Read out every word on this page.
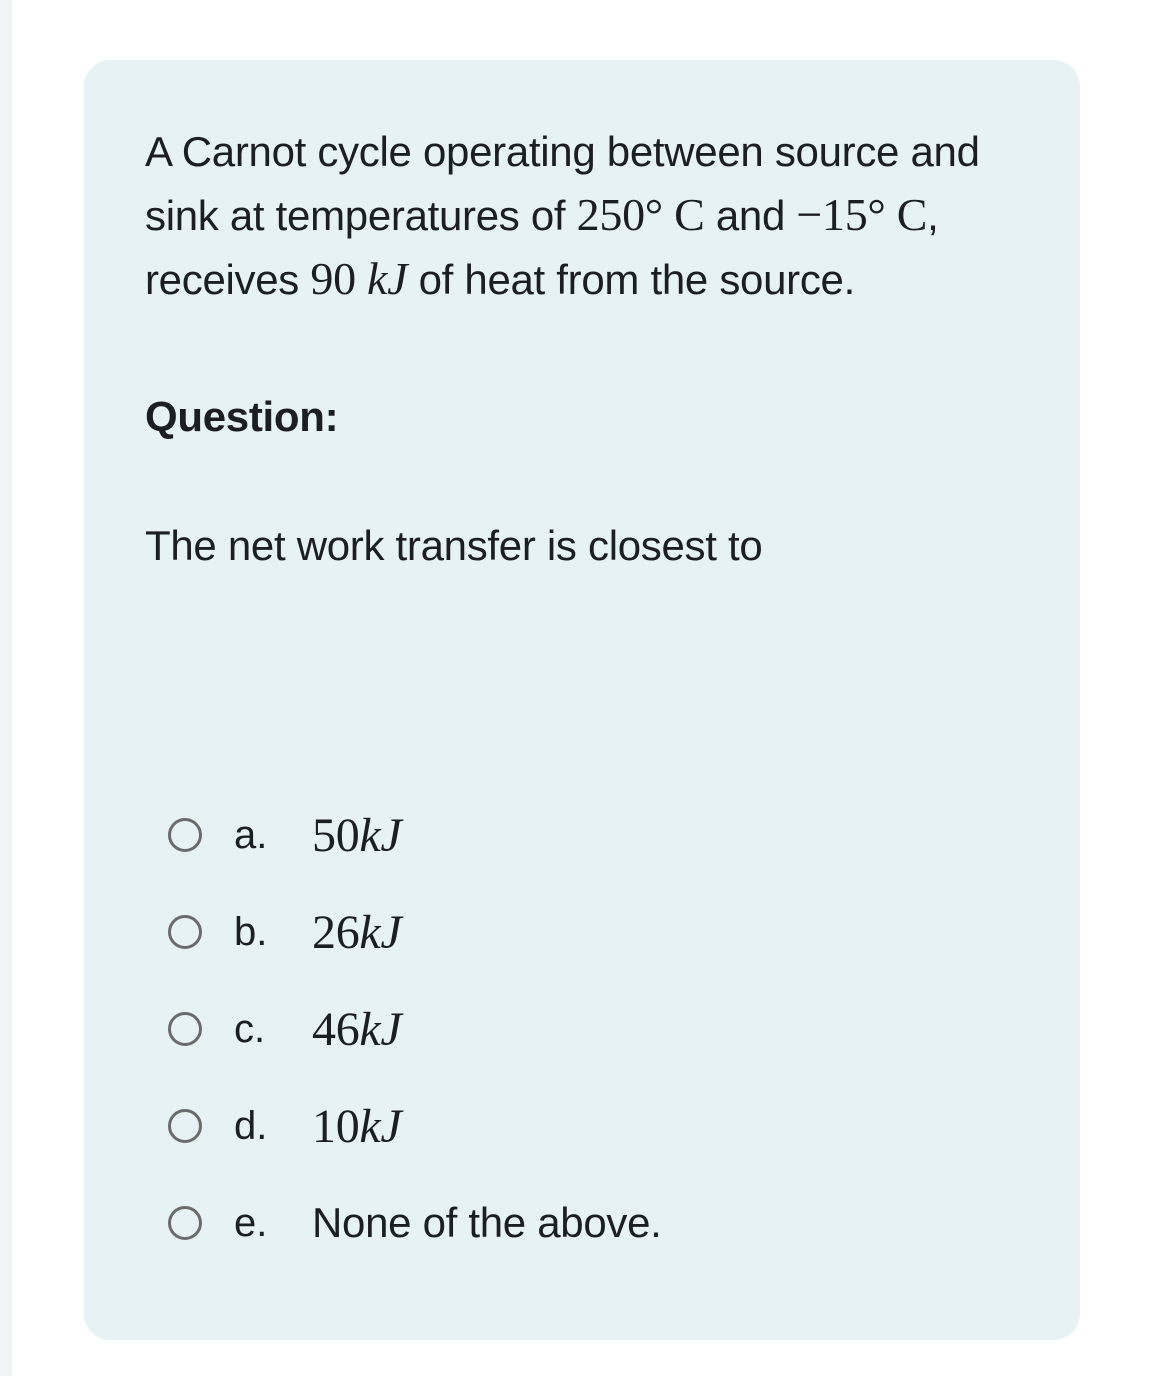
A Carnot cycle operating between source and sink at temperatures of 250° C and −15° C, receives 90 kJ of heat from the source.
Question:
The net work transfer is closest to
a. 50kJ
b. 26kJ
c. 46kJ
d. 10kJ
e. None of the above.
